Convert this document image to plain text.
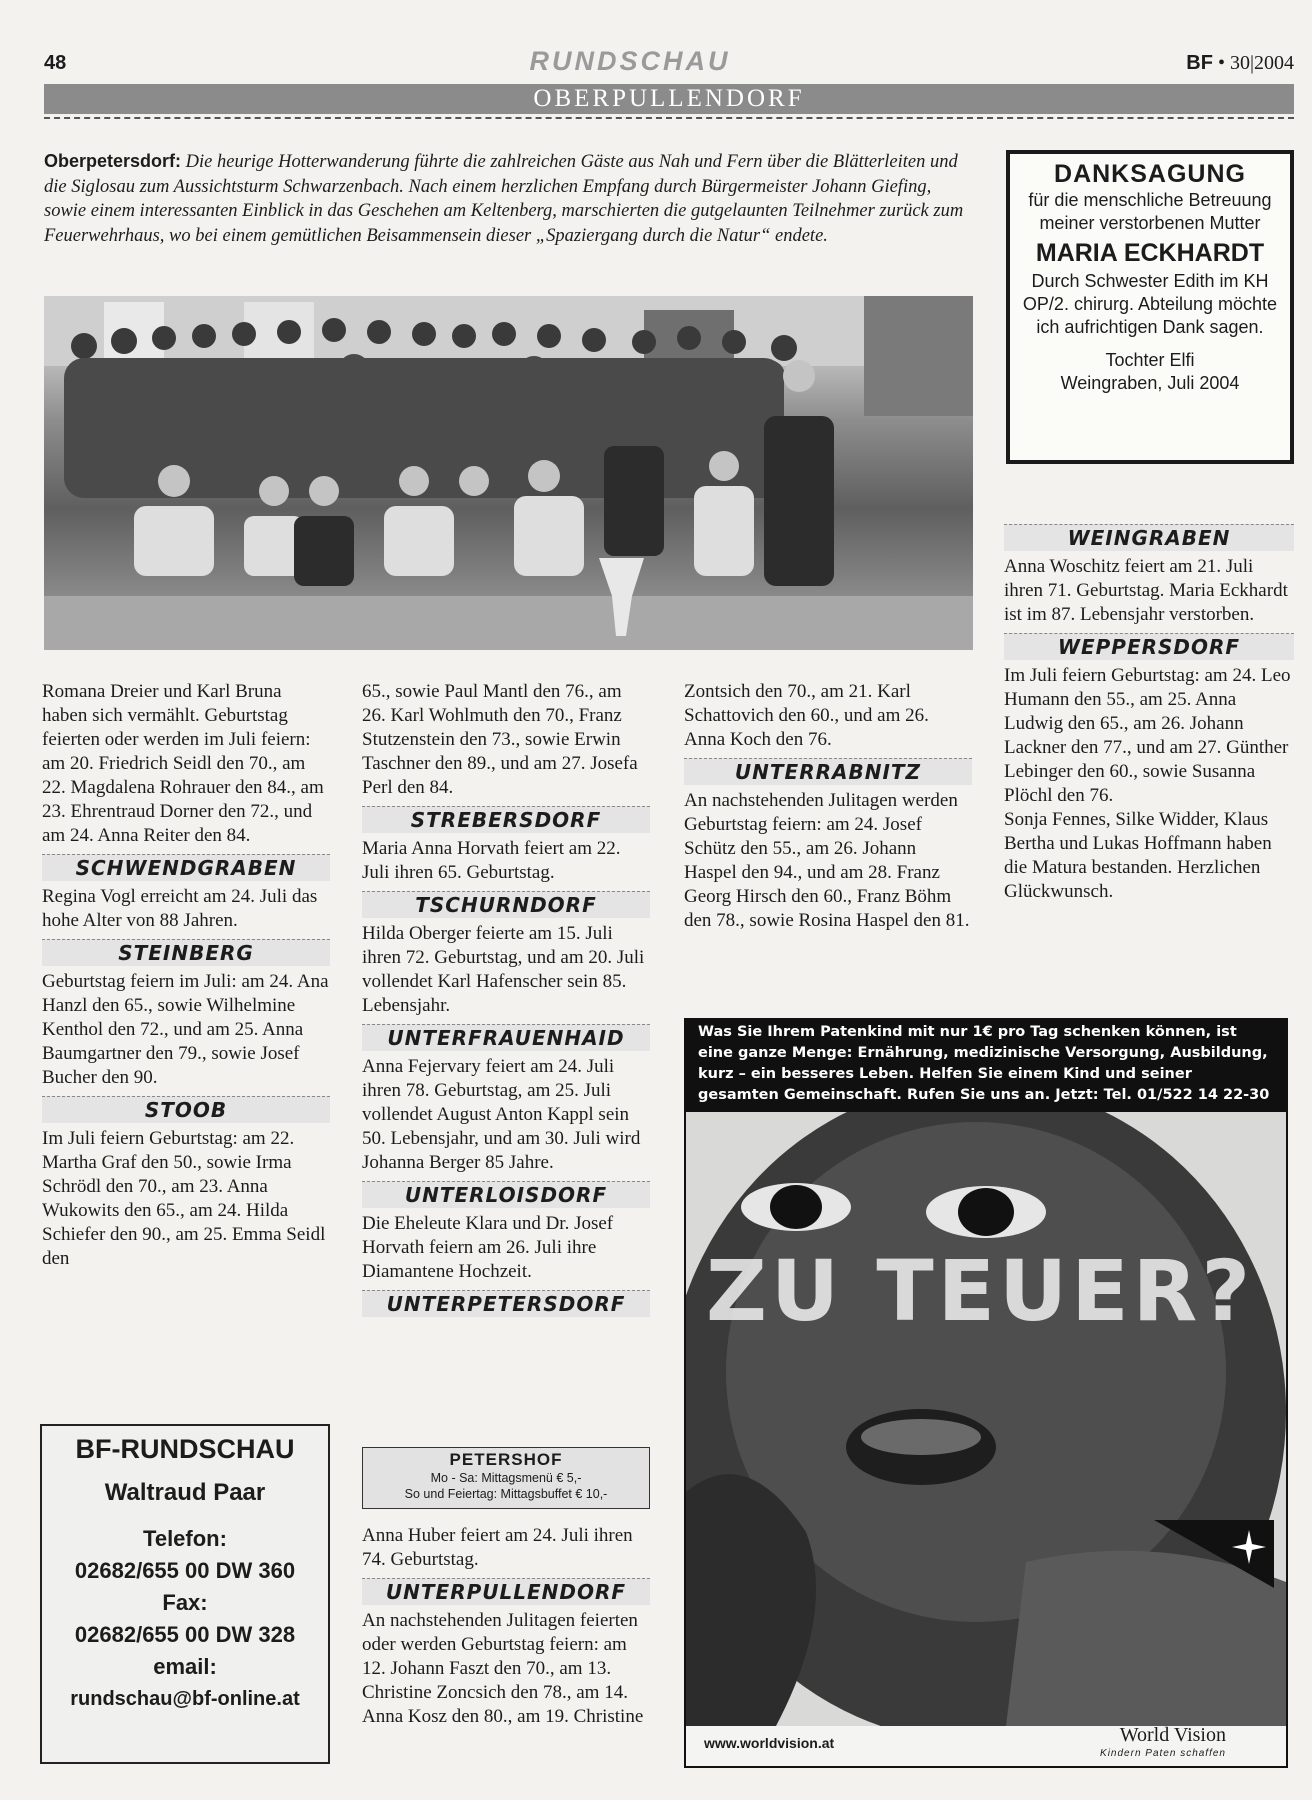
48	RUNDSCHAU	BF • 30|2004
OBERPULLENDORF
Oberpetersdorf: Die heurige Hotterwanderung führte die zahlreichen Gäste aus Nah und Fern über die Blätterleiten und die Siglosau zum Aussichtsturm Schwarzenbach. Nach einem herzlichen Empfang durch Bürgermeister Johann Giefing, sowie einem interessanten Einblick in das Geschehen am Keltenberg, marschierten die gutgelaunten Teilnehmer zurück zum Feuerwehrhaus, wo bei einem gemütlichen Beisammensein dieser „Spaziergang durch die Natur“ endete.
DANKSAGUNG
für die menschliche Betreuung meiner verstorbenen Mutter
MARIA ECKHARDT
Durch Schwester Edith im KH OP/2. chirurg. Abteilung möchte ich aufrichtigen Dank sagen.
Tochter Elfi
Weingraben, Juli 2004

Romana Dreier und Karl Bruna haben sich vermählt. Geburtstag feierten oder werden im Juli feiern: am 20. Friedrich Seidl den 70., am 22. Magdalena Rohrauer den 84., am 23. Ehrentraud Dorner den 72., und am 24. Anna Reiter den 84.

SCHWENDGRABEN

Regina Vogl erreicht am 24. Juli das hohe Alter von 88 Jahren.

STEINBERG

Geburtstag feiern im Juli: am 24. Ana Hanzl den 65., sowie Wilhelmine Kenthol den 72., und am 25. Anna Baumgartner den 79., sowie Josef Bucher den 90.

STOOB

Im Juli feiern Geburtstag: am 22. Martha Graf den 50., sowie Irma Schrödl den 70., am 23. Anna Wukowits den 65., am 24. Hilda Schiefer den 90., am 25. Emma Seidl den

65., sowie Paul Mantl den 76., am 26. Karl Wohlmuth den 70., Franz Stutzenstein den 73., sowie Erwin Taschner den 89., und am 27. Josefa Perl den 84.

STREBERSDORF

Maria Anna Horvath feiert am 22. Juli ihren 65. Geburtstag.

TSCHURNDORF

Hilda Oberger feierte am 15. Juli ihren 72. Geburtstag, und am 20. Juli vollendet Karl Hafenscher sein 85. Lebensjahr.

UNTERFRAUENHAID

Anna Fejervary feiert am 24. Juli ihren 78. Geburtstag, am 25. Juli vollendet August Anton Kappl sein 50. Lebensjahr, und am 30. Juli wird Johanna Berger 85 Jahre.

UNTERLOISDORF

Die Eheleute Klara und Dr. Josef Horvath feiern am 26. Juli ihre Diamantene Hochzeit.

UNTERPETERSDORF
PETERSHOF
Mo - Sa: Mittagsmenü € 5,-
So und Feiertag: Mittagsbuffet € 10,-

Anna Huber feiert am 24. Juli ihren 74. Geburtstag.

UNTERPULLENDORF

An nachstehenden Julitagen feierten oder werden Geburtstag feiern: am 12. Johann Faszt den 70., am 13. Christine Zoncsich den 78., am 14. Anna Kosz den 80., am 19. Christine

Zontsich den 70., am 21. Karl Schattovich den 60., und am 26. Anna Koch den 76.

UNTERRABNITZ

An nachstehenden Julitagen werden Geburtstag feiern: am 24. Josef Schütz den 55., am 26. Johann Haspel den 94., und am 28. Franz Georg Hirsch den 60., Franz Böhm den 78., sowie Rosina Haspel den 81.

WEINGRABEN

Anna Woschitz feiert am 21. Juli ihren 71. Geburtstag. Maria Eckhardt ist im 87. Lebensjahr verstorben.

WEPPERSDORF

Im Juli feiern Geburtstag: am 24. Leo Humann den 55., am 25. Anna Ludwig den 65., am 26. Johann Lackner den 77., und am 27. Günther Lebinger den 60., sowie Susanna Plöchl den 76.

Sonja Fennes, Silke Widder, Klaus Bertha und Lukas Hoffmann haben die Matura bestanden. Herzlichen Glückwunsch.

BF-RUNDSCHAU
Waltraud Paar
Telefon:
02682/655 00 DW 360
Fax:
02682/655 00 DW 328
email:
rundschau@bf-online.at
Was Sie Ihrem Patenkind mit nur 1€ pro Tag schenken können, ist eine ganze Menge: Ernährung, medizinische Versorgung, Ausbildung, kurz – ein besseres Leben. Helfen Sie einem Kind und seiner gesamten Gemeinschaft. Rufen Sie uns an. Jetzt: Tel. 01/522 14 22-30
ZU TEUER?
www.worldvision.at	World Vision
Kindern Paten schaffen
